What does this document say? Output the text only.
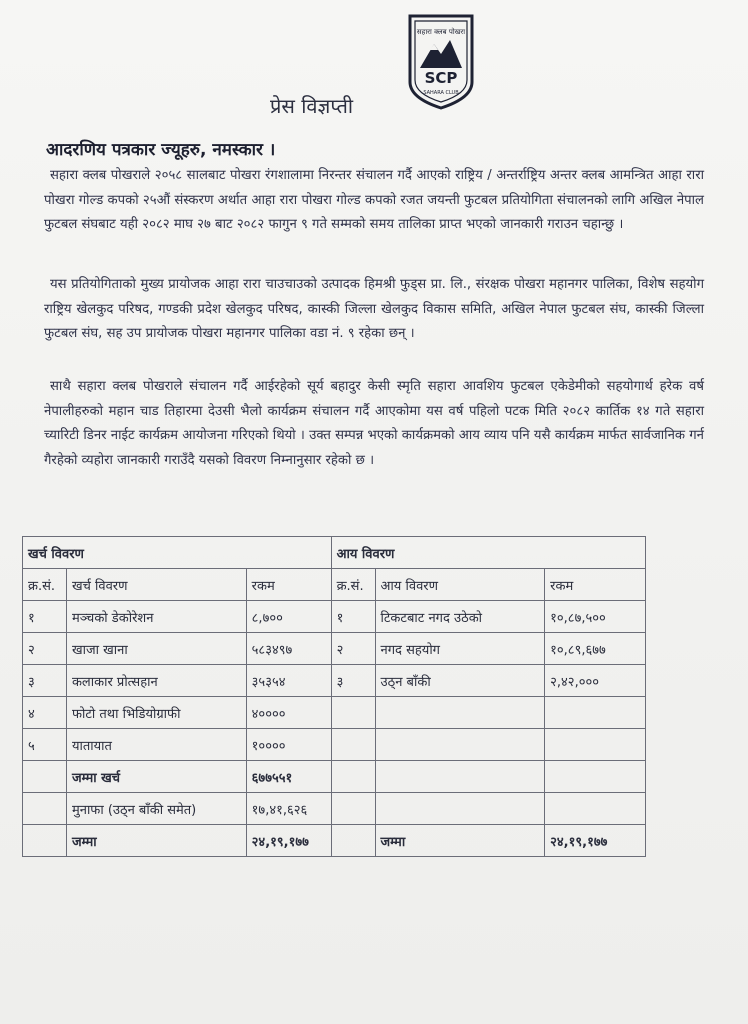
सहारा क्लब पोखरा
SCP
SAHARA CLUB
प्रेस विज्ञप्ती
आदरणिय पत्रकार ज्यूहरु, नमस्कार ।

सहारा क्लब पोखराले २०५८ सालबाट पोखरा रंगशालामा निरन्तर संचालन गर्दै आएको राष्ट्रिय / अन्तर्राष्ट्रिय अन्तर क्लब आमन्त्रित आहा रारा पोखरा गोल्ड कपको २५औं संस्करण अर्थात आहा रारा पोखरा गोल्ड कपको रजत जयन्ती फुटबल प्रतियोगिता संचालनको लागि अखिल नेपाल फुटबल संघबाट यही २०८२ माघ २७ बाट २०८२ फागुन ९ गते सम्मको समय तालिका प्राप्त भएको जानकारी गराउन चहान्छु ।

यस प्रतियोगिताको मुख्य प्रायोजक आहा रारा चाउचाउको उत्पादक हिमश्री फुड्स प्रा. लि., संरक्षक पोखरा महानगर पालिका, विशेष सहयोग राष्ट्रिय खेलकुद परिषद, गण्डकी प्रदेश खेलकुद परिषद, कास्की जिल्ला खेलकुद विकास समिति, अखिल नेपाल फुटबल संघ, कास्की जिल्ला फुटबल संघ, सह उप प्रायोजक पोखरा महानगर पालिका वडा नं. ९ रहेका छन् ।

साथै सहारा क्लब पोखराले संचालन गर्दै आईरहेको सूर्य बहादुर केसी स्मृति सहारा आवशिय फुटबल एकेडेमीको सहयोगार्थ हरेक वर्ष नेपालीहरुको महान चाड तिहारमा देउसी भैलो कार्यक्रम संचालन गर्दै आएकोमा यस वर्ष पहिलो पटक मिति २०८२ कार्तिक १४ गते सहारा च्यारिटी डिनर नाईट कार्यक्रम आयोजना गरिएको थियो । उक्त सम्पन्न भएको कार्यक्रमको आय व्याय पनि यसै कार्यक्रम मार्फत सार्वजानिक गर्न गैरहेको व्यहोरा जानकारी गराउँदै यसको विवरण निम्नानुसार रहेको छ ।

खर्च विवरण			आय विवरण		
क्र.सं.	खर्च विवरण	रकम	क्र.सं.	आय विवरण	रकम
१	मञ्चको डेकोरेशन	८,७००	१	टिकटबाट नगद उठेको	१०,८७,५००
२	खाजा खाना	५८३४९७	२	नगद सहयोग	१०,८९,६७७
३	कलाकार प्रोत्सहान	३५३५४	३	उठ्न बाँकी	२,४२,०००
४	फोटो तथा भिडियोग्राफी	४००००			
५	यातायात	१००००			
	जम्मा खर्च	६७७५५१			
	मुनाफा (उठ्न बाँकी समेत)	१७,४१,६२६			
	जम्मा	२४,१९,१७७		जम्मा	२४,१९,१७७
